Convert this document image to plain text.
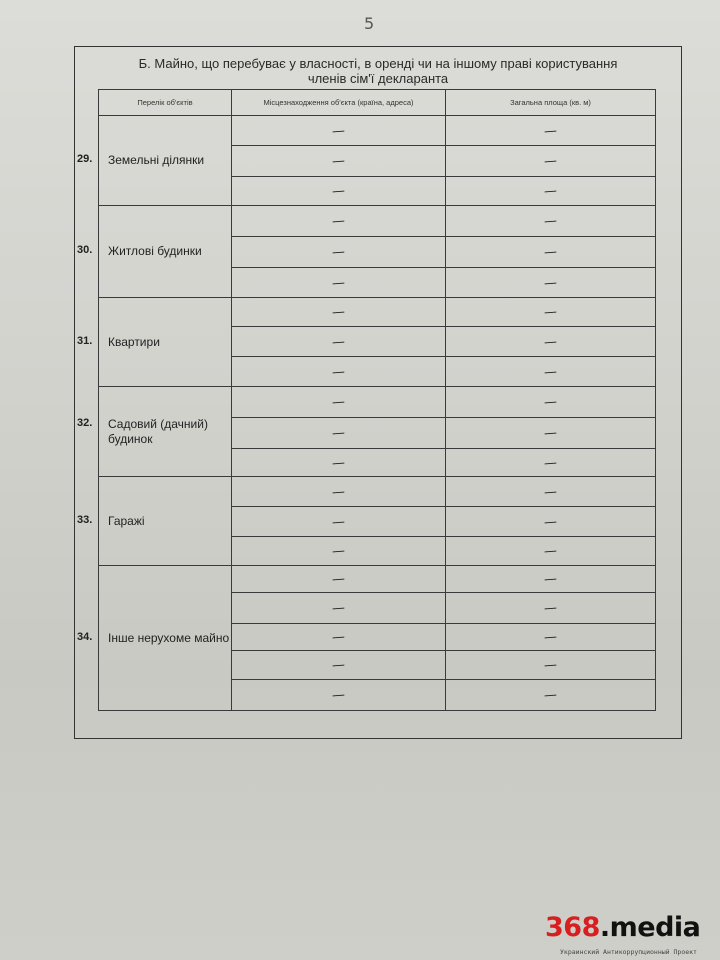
5
Б. Майно, що перебуває у власності, в оренді чи на іншому праві користування
членів сім'ї декларанта
Перелік об'єктів	Місцезнаходження об'єкта (країна, адреса)	Загальна площа (кв. м)

29. Земельні ділянки	—	—
	—	—
	—	—

30. Житлові будинки	—	—
	—	—
	—	—

31. Квартири	—	—
	—	—
	—	—

32. Садовий (дачний) будинок	—	—
	—	—
	—	—

33. Гаражі	—	—
	—	—
	—	—

34. Інше нерухоме майно	—	—
	—	—
	—	—
	—	—
	—	—
368.media
Украинский Антикоррупционный Проект
